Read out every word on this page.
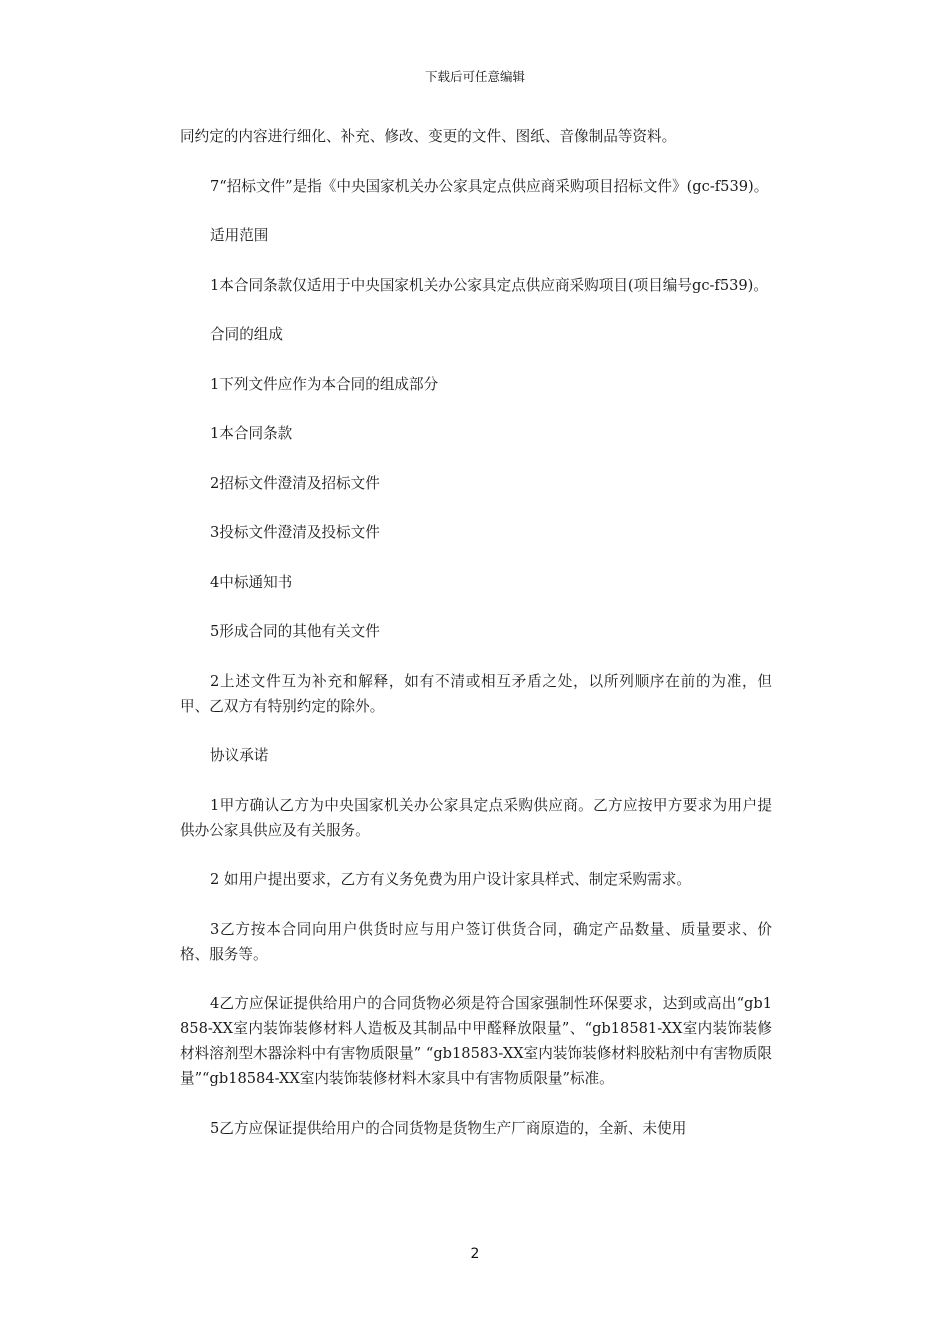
下载后可任意编辑

同约定的内容进行细化、补充、修改、变更的文件、图纸、音像制品等资料。

7“招标文件”是指《中央国家机关办公家具定点供应商采购项目招标文件》(gc-f539)。

适用范围

1本合同条款仅适用于中央国家机关办公家具定点供应商采购项目(项目编号gc-f539)。

合同的组成

1下列文件应作为本合同的组成部分

1本合同条款

2招标文件澄清及招标文件

3投标文件澄清及投标文件

4中标通知书

5形成合同的其他有关文件

2上述文件互为补充和解释，如有不清或相互矛盾之处，以所列顺序在前的为准，但甲、乙双方有特别约定的除外。

协议承诺

1甲方确认乙方为中央国家机关办公家具定点采购供应商。乙方应按甲方要求为用户提供办公家具供应及有关服务。

2 如用户提出要求，乙方有义务免费为用户设计家具样式、制定采购需求。

3乙方按本合同向用户供货时应与用户签订供货合同，确定产品数量、质量要求、价格、服务等。

4乙方应保证提供给用户的合同货物必须是符合国家强制性环保要求，达到或高出“gb1858-XX室内装饰装修材料人造板及其制品中甲醛释放限量”、“gb18581-XX室内装饰装修材料溶剂型木器涂料中有害物质限量” “gb18583-XX室内装饰装修材料胶粘剂中有害物质限量”“gb18584-XX室内装饰装修材料木家具中有害物质限量”标准。

5乙方应保证提供给用户的合同货物是货物生产厂商原造的，全新、未使用

2
